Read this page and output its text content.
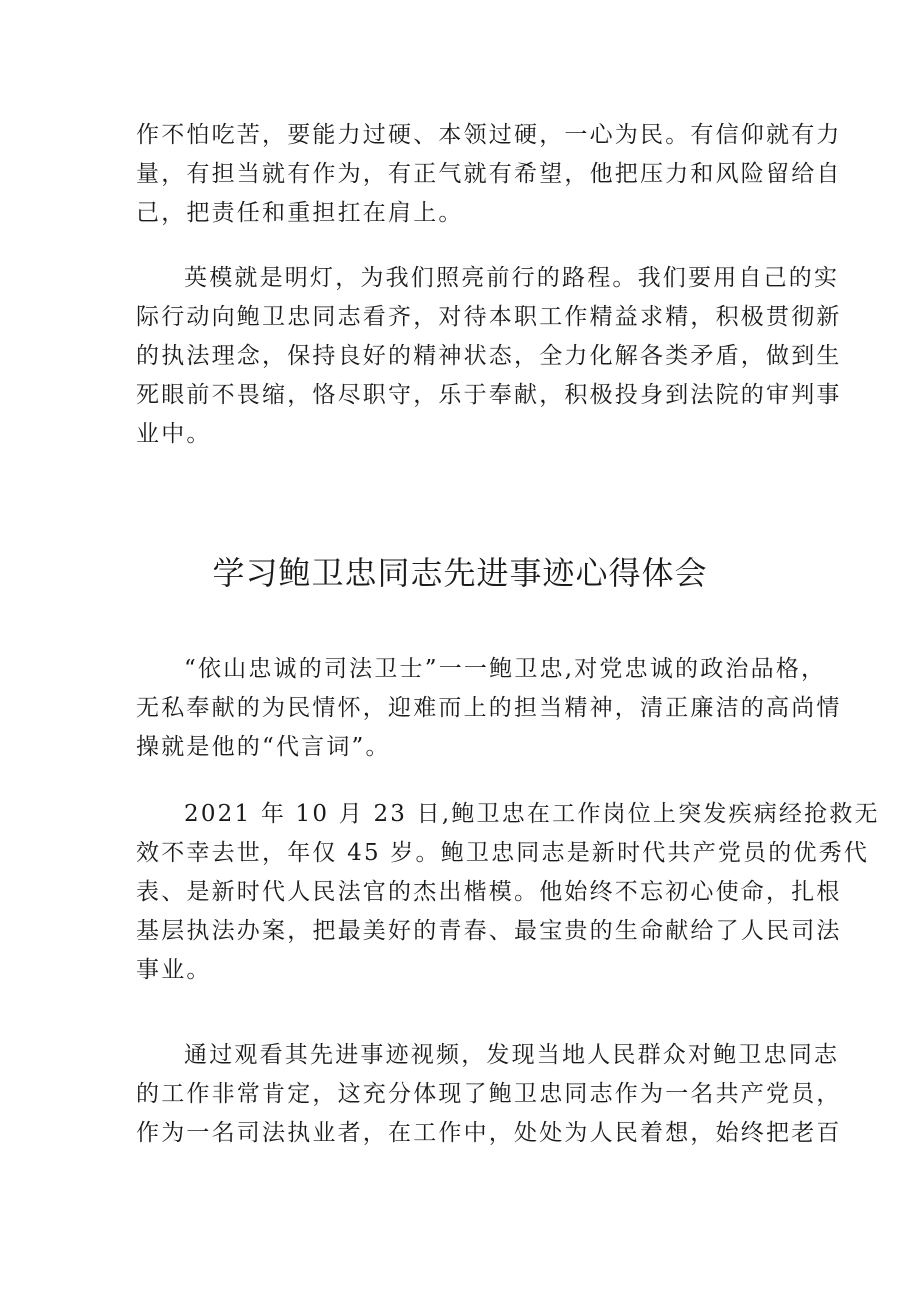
作不怕吃苦，要能力过硬、本领过硬，一心为民。有信仰就有力
量，有担当就有作为，有正气就有希望，他把压力和风险留给自
己，把责任和重担扛在肩上。
英模就是明灯，为我们照亮前行的路程。我们要用自己的实
际行动向鲍卫忠同志看齐，对待本职工作精益求精，积极贯彻新
的执法理念，保持良好的精神状态，全力化解各类矛盾，做到生
死眼前不畏缩，恪尽职守，乐于奉献，积极投身到法院的审判事
业中。
学习鲍卫忠同志先进事迹心得体会
“依山忠诚的司法卫士”一一鲍卫忠,对党忠诚的政治品格，
无私奉献的为民情怀，迎难而上的担当精神，清正廉洁的高尚情
操就是他的“代言词”。
2021 年 10 月 23 日,鲍卫忠在工作岗位上突发疾病经抢救无
效不幸去世，年仅 45 岁。鲍卫忠同志是新时代共产党员的优秀代
表、是新时代人民法官的杰出楷模。他始终不忘初心使命，扎根
基层执法办案，把最美好的青春、最宝贵的生命献给了人民司法
事业。
通过观看其先进事迹视频，发现当地人民群众对鲍卫忠同志
的工作非常肯定，这充分体现了鲍卫忠同志作为一名共产党员，
作为一名司法执业者，在工作中，处处为人民着想，始终把老百
